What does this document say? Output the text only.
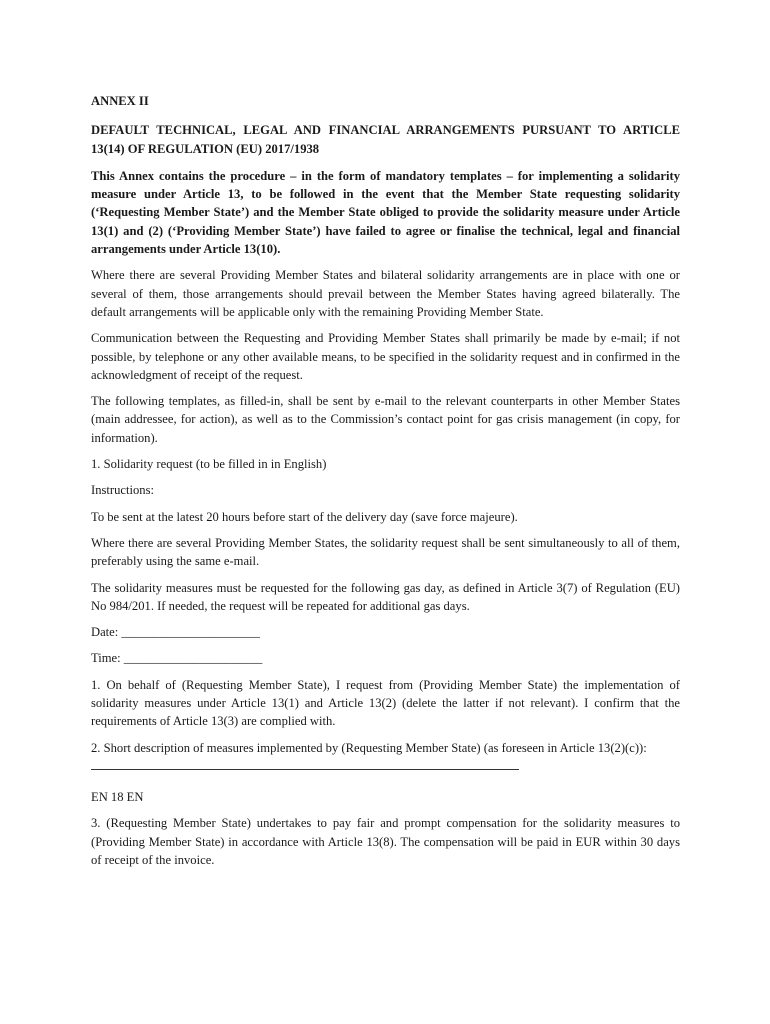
ANNEX II

DEFAULT TECHNICAL, LEGAL AND FINANCIAL ARRANGEMENTS PURSUANT TO ARTICLE 13(14) OF REGULATION (EU) 2017/1938

This Annex contains the procedure – in the form of mandatory templates – for implementing a solidarity measure under Article 13, to be followed in the event that the Member State requesting solidarity (‘Requesting Member State’) and the Member State obliged to provide the solidarity measure under Article 13(1) and (2) (‘Providing Member State’) have failed to agree or finalise the technical, legal and financial arrangements under Article 13(10).

Where there are several Providing Member States and bilateral solidarity arrangements are in place with one or several of them, those arrangements should prevail between the Member States having agreed bilaterally. The default arrangements will be applicable only with the remaining Providing Member State.

Communication between the Requesting and Providing Member States shall primarily be made by e-mail; if not possible, by telephone or any other available means, to be specified in the solidarity request and in confirmed in the acknowledgment of receipt of the request.

The following templates, as filled-in, shall be sent by e-mail to the relevant counterparts in other Member States (main addressee, for action), as well as to the Commission’s contact point for gas crisis management (in copy, for information).

1. Solidarity request (to be filled in in English)

Instructions:

To be sent at the latest 20 hours before start of the delivery day (save force majeure).

Where there are several Providing Member States, the solidarity request shall be sent simultaneously to all of them, preferably using the same e-mail.

The solidarity measures must be requested for the following gas day, as defined in Article 3(7) of Regulation (EU) No 984/201. If needed, the request will be repeated for additional gas days.

Date: ______________________

Time: ______________________

1. On behalf of (Requesting Member State), I request from (Providing Member State) the implementation of solidarity measures under Article 13(1) and Article 13(2) (delete the latter if not relevant). I confirm that the requirements of Article 13(3) are complied with.

2. Short description of measures implemented by (Requesting Member State) (as foreseen in Article 13(2)(c)):

EN 18 EN

3. (Requesting Member State) undertakes to pay fair and prompt compensation for the solidarity measures to (Providing Member State) in accordance with Article 13(8). The compensation will be paid in EUR within 30 days of receipt of the invoice.
